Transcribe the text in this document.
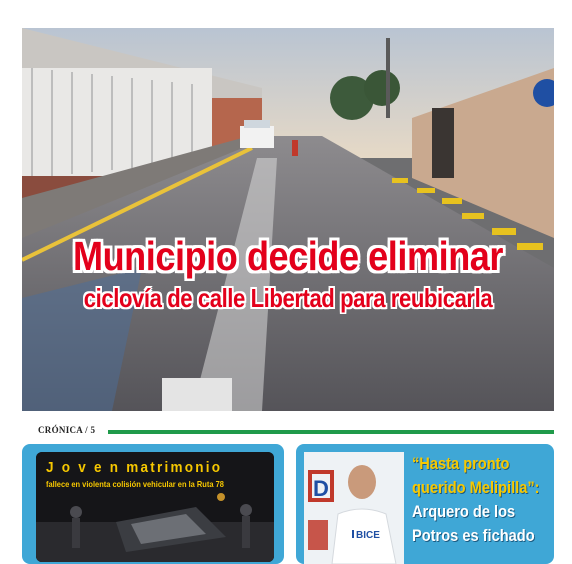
Municipio decide eliminar
ciclovía de calle Libertad para reubicarla
CRÓNICA / 5
J o v e n matrimonio
fallece en violenta colisión vehicular en la Ruta 78	D
BICE
“Hasta pronto
querido Melipilla”:
Arquero de los
Potros es fichado
